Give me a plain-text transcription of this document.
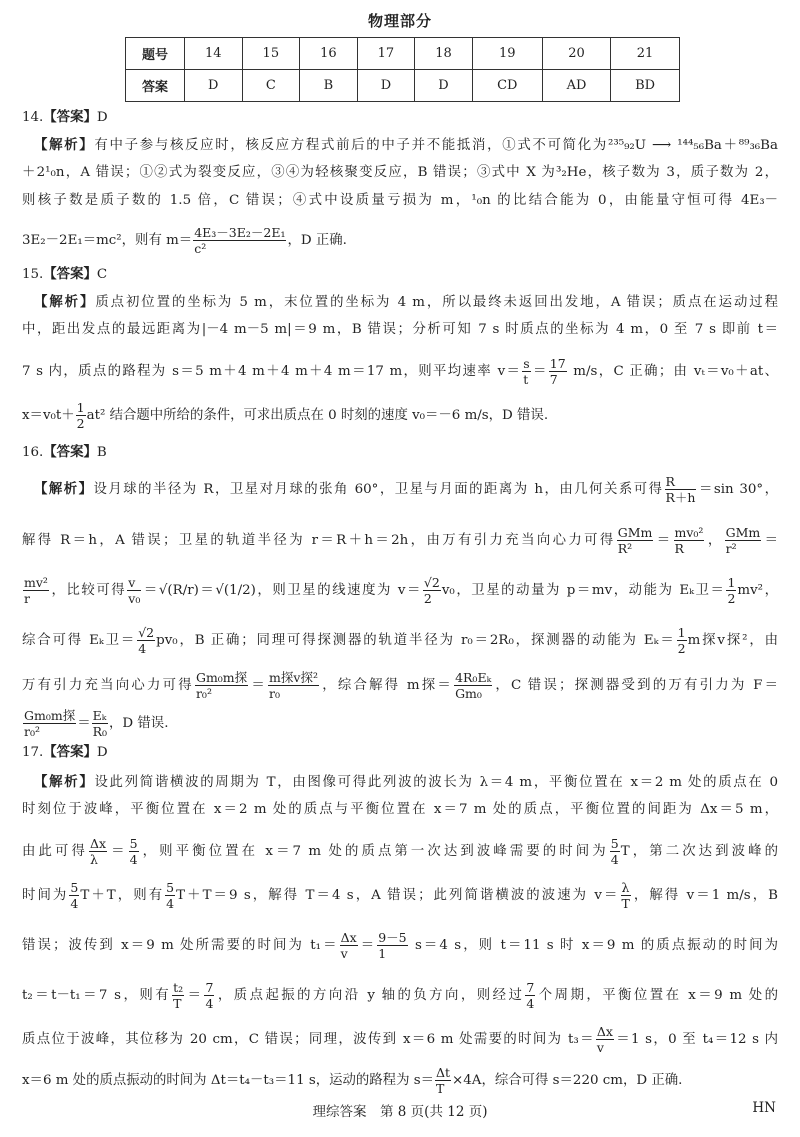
物理部分
题号	14	15	16	17	18	19	20	21
答案	D	C	B	D	D	CD	AD	BD
14.【答案】D
【解析】有中子参与核反应时，核反应方程式前后的中子并不能抵消，①式不可简化为²³⁵₉₂U ⟶ ¹⁴⁴₅₆Ba＋⁸⁹₃₆Ba
＋2¹₀n，A 错误；①②式为裂变反应，③④为轻核聚变反应，B 错误；③式中 X 为³₂He，核子数为 3，质子数为 2，
则核子数是质子数的 1.5 倍，C 错误；④式中设质量亏损为 m，¹₀n 的比结合能为 0，由能量守恒可得 4E₃－
3E₂－2E₁＝mc²，则有 $m= \frac{\text{4E₃－3E₂－2E₁}}{\text{c²}}$ ，D 正确.
15.【答案】C
【解析】质点初位置的坐标为 5 m，末位置的坐标为 4 m，所以最终未返回出发地，A 错误；质点在运动过程
中，距出发点的最远距离为|－4 m－5 m|＝9 m，B 错误；分析可知 7 s 时质点的坐标为 4 m，0 至 7 s 即前 t＝
7 s 内，质点的路程为 s＝5 m＋4 m＋4 m＋4 m＝17 m，则平均速率 $v= \frac{s}{t} = \frac{17}{7} m/s$，C 正确；由 vₜ＝v₀＋at、
$x=v_0t+ \frac{1}{2} at^2$ 结合题中所给的条件，可求出质点在 0 时刻的速度 v₀＝－6 m/s，D 错误.
16.【答案】B
【解析】设月球的半径为 R，卫星对月球的张角 60°，卫星与月面的距离为 h，由几何关系可得 $\frac{R}{R+h} =\sin$ 30°，
解得 R＝h，A 错误；卫星的轨道半径为 r＝R＋h＝2h，由万有引力充当向心力可得 $\frac{\text{GMm}}{\text{R²}} = \frac{\text{mv₀²}}{R}$ ， $\frac{\text{GMm}}{\text{r²}}$ ＝
$\frac{\text{mv²}}{r}$ ，比较可得 $\frac{v}{\text{v₀}} =√(R/r)=√(1/2)$，则卫星的线速度为 $v= \frac{√2}{2} v_0$，卫星的动量为 p＝mv，动能为 Eₖ卫＝ $\frac{1}{2} mv^2$，
综合可得 Eₖ卫＝ $\frac{√2}{4} pv_0$，B 正确；同理可得探测器的轨道半径为 r₀＝2R₀，探测器的动能为 $E_k= \frac{1}{2}$ m探v探²，由
万有引力充当向心力可得 $\frac{\text{Gm₀m探}}{\text{r₀²}} = \frac{\text{m探v探²}}{\text{r₀}}$ ，综合解得 m探＝ $\frac{\text{4R₀Eₖ}}{\text{Gm₀}}$ ，C 错误；探测器受到的万有引力为 F＝
$\frac{\text{Gm₀m探}}{\text{r₀²}} = \frac{\text{Eₖ}}{\text{R₀}}$ ，D 错误.
17.【答案】D
【解析】设此列简谐横波的周期为 T，由图像可得此列波的波长为 λ＝4 m，平衡位置在 x＝2 m 处的质点在 0
时刻位于波峰，平衡位置在 x＝2 m 处的质点与平衡位置在 x＝7 m 处的质点，平衡位置的间距为 Δx＝5 m，
由此可得 $\frac{\Delta x}{\lambda} = \frac{5}{4}$ ，则平衡位置在 x＝7 m 处的质点第一次达到波峰需要的时间为 $\frac{5}{4}$ T，第二次达到波峰的
时间为 $\frac{5}{4} T+T$，则有 $\frac{5}{4} T+T=9$ s，解得 T＝4 s，A 错误；此列简谐横波的波速为 $v= \frac{\lambda}{T}$ ，解得 v＝1 m/s，B
错误；波传到 x＝9 m 处所需要的时间为 $t_1= \frac{\Delta x}{v} = \frac{9-5}{1} s=4$ s，则 t＝11 s 时 x＝9 m 的质点振动的时间为
t₂＝t－t₁＝7 s，则有 $\frac{\text{t₂}}{T} = \frac{7}{4}$ ，质点起振的方向沿 y 轴的负方向，则经过 $\frac{7}{4}$ 个周期，平衡位置在 x＝9 m 处的
质点位于波峰，其位移为 20 cm，C 错误；同理，波传到 x＝6 m 处需要的时间为 $t_3= \frac{\Delta x}{v} =1$ s，0 至 t₄＝12 s 内
x＝6 m 处的质点振动的时间为 Δt＝t₄－t₃＝11 s，运动的路程为 $s= \frac{\Delta t}{T} \times 4A$，综合可得 s＝220 cm，D 正确.
理综答案　第 8 页(共 12 页)	HN
